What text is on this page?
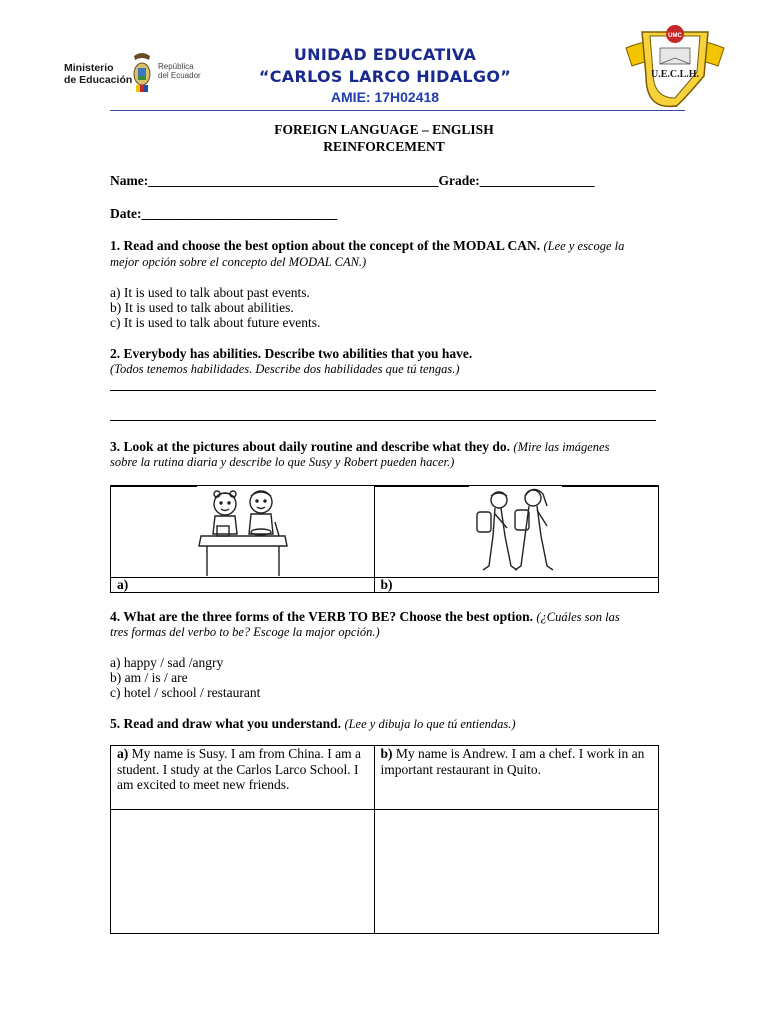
Ministerio
de Educación
República
del Ecuador
UNIDAD EDUCATIVA
“CARLOS LARCO HIDALGO”
AMIE: 17H02418
UMC
U.E.C.L.H.
FOREIGN LANGUAGE – ENGLISH
REINFORCEMENT
Name:___________________________________________Grade:_________________
Date:_____________________________
1. Read and choose the best option about the concept of the MODAL CAN. (Lee y escoge la
mejor opción sobre el concepto del MODAL CAN.)
a) It is used to talk about past events.
b) It is used to talk about abilities.
c) It is used to talk about future events.
2. Everybody has abilities. Describe two abilities that you have.
(Todos tenemos habilidades. Describe dos habilidades que tú tengas.)
3. Look at the pictures about daily routine and describe what they do. (Mire las imágenes
sobre la rutina diaria y describe lo que Susy y Robert pueden hacer.)

a)	b)
4. What are the three forms of the VERB TO BE? Choose the best option. (¿Cuáles son las
tres formas del verbo to be? Escoge la major opción.)
a) happy / sad /angry
b) am / is / are
c) hotel / school / restaurant
5. Read and draw what you understand. (Lee y dibuja lo que tú entiendas.)
a) My name is Susy. I am from China. I am a student. I study at the Carlos Larco School. I am excited to meet new friends.	b) My name is Andrew. I am a chef. I work in an important restaurant in Quito.
